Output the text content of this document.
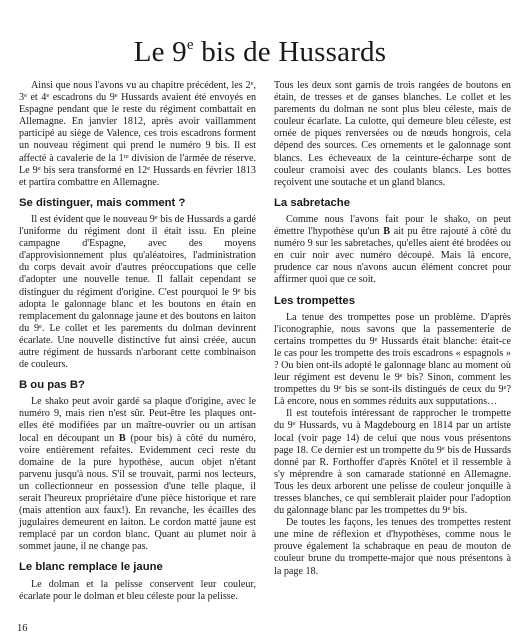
Le 9e bis de Hussards

Ainsi que nous l'avons vu au chapitre précédent, les 2e, 3e et 4e escadrons du 9e Hussards avaient été envoyés en Espagne pendant que le reste du régiment combattait en Allemagne. En janvier 1812, après avoir vaillamment participé au siège de Valence, ces trois escadrons forment un nouveau régiment qui prend le numéro 9 bis. Il est affecté à cavalerie de la 1re division de l'armée de réserve. Le 9e bis sera transformé en 12e Hussards en février 1813 et partira combattre en Allemagne.

Se distinguer, mais comment ?

Il est évident que le nouveau 9e bis de Hussards a gardé l'uniforme du régiment dont il était issu. En pleine campagne d'Espagne, avec des moyens d'approvisionnement plus qu'aléatoires, l'administration du corps devait avoir d'autres préoccupations que celle d'adopter une nouvelle tenue. Il fallait cependant se distinguer du régiment d'origine. C'est pourquoi le 9e bis adopta le galonnage blanc et les boutons en étain en remplacement du galonnage jaune et des boutons en laiton du 9e. Le collet et les parements du dolman devinrent écarlate. Une nouvelle distinctive fut ainsi créée, aucun autre régiment de hussards n'arborant cette combinaison de couleurs.

B ou pas B?

Le shako peut avoir gardé sa plaque d'origine, avec le numéro 9, mais rien n'est sûr. Peut-être les plaques ont-elles été modifiées par un maître-ouvrier ou un artisan local en découpant un B (pour bis) à côté du numéro, voire entièrement refaites. Evidemment ceci reste du domaine de la pure hypothèse, aucun objet n'étant parvenu jusqu'à nous. S'il se trouvait, parmi nos lecteurs, un collectionneur en possession d'une telle plaque, il serait l'heureux propriétaire d'une pièce historique et rare (mais attention aux faux!). En revanche, les écailles des jugulaires demeurent en laiton. Le cordon matté jaune est remplacé par un cordon blanc. Quant au plumet noir à sommet jaune, il ne change pas.

Le blanc remplace le jaune

Le dolman et la pelisse conservent leur couleur, écarlate pour le dolman et bleu céleste pour la pelisse.

Tous les deux sont garnis de trois rangées de boutons en étain, de tresses et de ganses blanches. Le collet et les parements du dolman ne sont plus bleu céleste, mais de couleur écarlate. La culotte, qui demeure bleu céleste, est ornée de piques renversées ou de nœuds hongrois, cela dépend des sources. Ces ornements et le galonnage sont blancs. Les écheveaux de la ceinture-écharpe sont de couleur cramoisi avec des coulants blancs. Les bottes reçoivent une soutache et un gland blancs.

La sabretache

Comme nous l'avons fait pour le shako, on peut émettre l'hypothèse qu'un B ait pu être rajouté à côté du numéro 9 sur les sabretaches, qu'elles aient été brodées ou en cuir noir avec numéro découpé. Mais là encore, prudence car nous n'avons aucun élément concret pour affirmer quoi que ce soit.

Les trompettes

La tenue des trompettes pose un problème. D'après l'iconographie, nous savons que la passementerie de certains trompettes du 9e Hussards était blanche: était-ce le cas pour les trompette des trois escadrons « espagnols » ? Ou bien ont-ils adopté le galonnage blanc au moment où leur régiment est devenu le 9e bis? Sinon, comment les trompettes du 9e bis se sont-ils distingués de ceux du 9e? Là encore, nous en sommes réduits aux supputations…

Il est toutefois intéressant de rapprocher le trompette du 9e Hussards, vu à Magdebourg en 1814 par un artiste local (voir page 14) de celui que nous vous présentons page 18. Ce dernier est un trompette du 9e bis de Hussards donné par R. Forthoffer d'après Knötel et il ressemble à s'y méprendre à son camarade stationné en Allemagne. Tous les deux arborent une pelisse de couleur jonquille à tresses blanches, ce qui semblerait plaider pour l'adoption du galonnage blanc par les trompettes du 9e bis.

De toutes les façons, les tenues des trompettes restent une mine de réflexion et d'hypothèses, comme nous le prouve également la schabraque en peau de mouton de couleur brune du trompette-major que nous présentons à la page 18.

16
